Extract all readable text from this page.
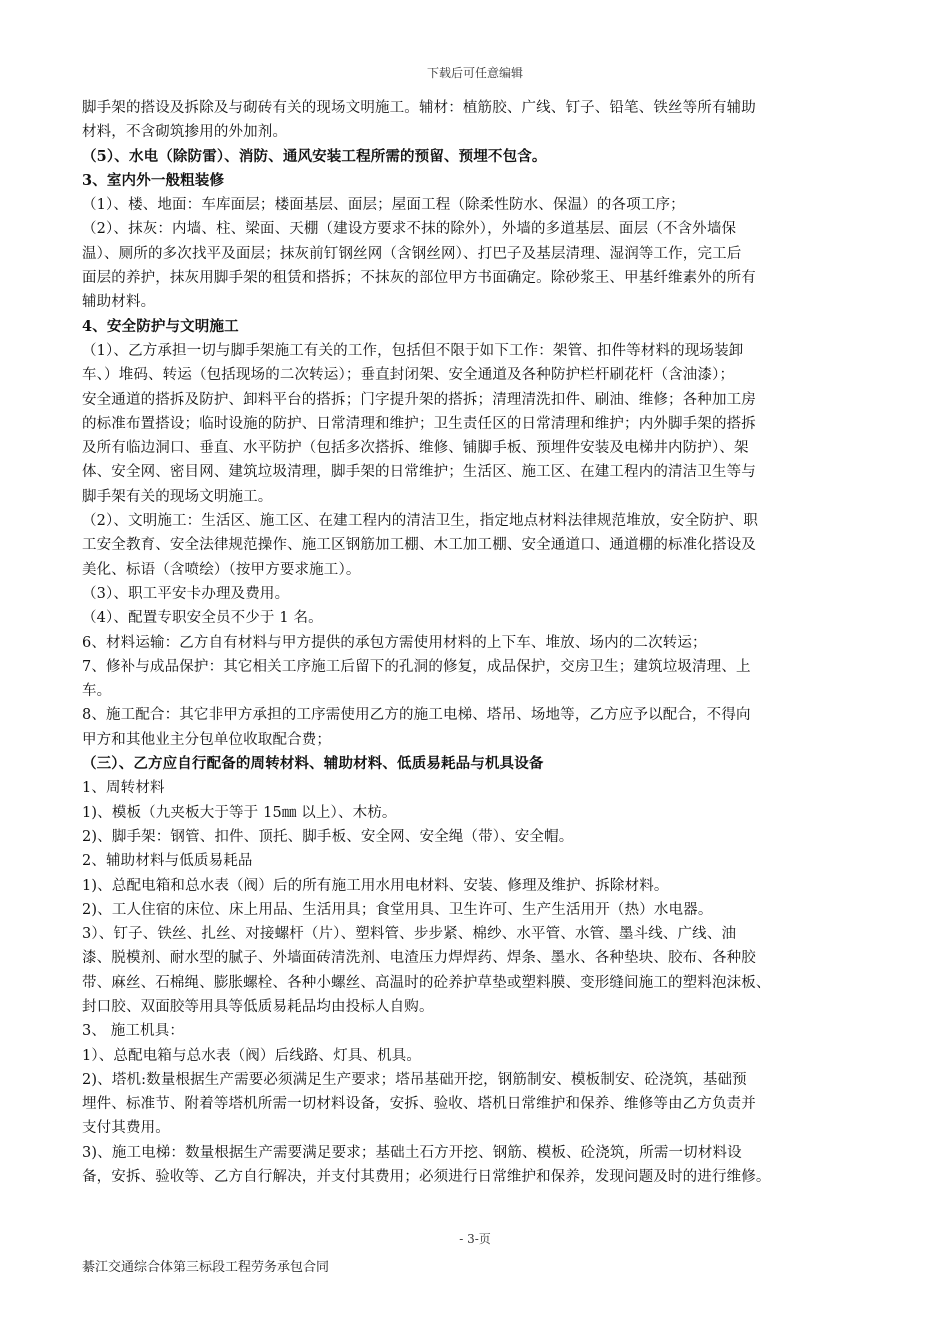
下载后可任意编辑
脚手架的搭设及拆除及与砌砖有关的现场文明施工。辅材：植筋胶、广线、钉子、铅笔、铁丝等所有辅助
材料，不含砌筑掺用的外加剂。
（5）、水电（除防雷）、消防、通风安装工程所需的预留、预埋不包含。
3、室内外一般粗装修
（1）、楼、地面：车库面层；楼面基层、面层；屋面工程（除柔性防水、保温）的各项工序；
（2）、抹灰：内墙、柱、梁面、天棚（建设方要求不抹的除外），外墙的多道基层、面层（不含外墙保
温）、厕所的多次找平及面层；抹灰前钉钢丝网（含钢丝网）、打巴子及基层清理、湿润等工作，完工后
面层的养护，抹灰用脚手架的租赁和搭拆；不抹灰的部位甲方书面确定。除砂浆王、甲基纤维素外的所有
辅助材料。
4、安全防护与文明施工
（1）、乙方承担一切与脚手架施工有关的工作，包括但不限于如下工作：架管、扣件等材料的现场装卸
车、）堆码、转运（包括现场的二次转运）；垂直封闭架、安全通道及各种防护栏杆刷花杆（含油漆）；
安全通道的搭拆及防护、卸料平台的搭拆；门字提升架的搭拆；清理清洗扣件、刷油、维修；各种加工房
的标准布置搭设；临时设施的防护、日常清理和维护；卫生责任区的日常清理和维护；内外脚手架的搭拆
及所有临边洞口、垂直、水平防护（包括多次搭拆、维修、铺脚手板、预埋件安装及电梯井内防护）、架
体、安全网、密目网、建筑垃圾清理，脚手架的日常维护；生活区、施工区、在建工程内的清洁卫生等与
脚手架有关的现场文明施工。
（2）、文明施工：生活区、施工区、在建工程内的清洁卫生，指定地点材料法律规范堆放，安全防护、职
工安全教育、安全法律规范操作、施工区钢筋加工棚、木工加工棚、安全通道口、通道棚的标准化搭设及
美化、标语（含喷绘）（按甲方要求施工）。
（3）、职工平安卡办理及费用。
（4）、配置专职安全员不少于 1 名。
6、材料运输：乙方自有材料与甲方提供的承包方需使用材料的上下车、堆放、场内的二次转运；
7、修补与成品保护：其它相关工序施工后留下的孔洞的修复，成品保护，交房卫生；建筑垃圾清理、上
车。
8、施工配合：其它非甲方承担的工序需使用乙方的施工电梯、塔吊、场地等，乙方应予以配合，不得向
甲方和其他业主分包单位收取配合费；
（三）、乙方应自行配备的周转材料、辅助材料、低质易耗品与机具设备
1、周转材料
1)、模板（九夹板大于等于 15㎜ 以上）、木枋。
2)、脚手架：钢管、扣件、顶托、脚手板、安全网、安全绳（带）、安全帽。
2、辅助材料与低质易耗品
1)、总配电箱和总水表（阀）后的所有施工用水用电材料、安装、修理及维护、拆除材料。
2)、工人住宿的床位、床上用品、生活用具；食堂用具、卫生许可、生产生活用开（热）水电器。
3）、钉子、铁丝、扎丝、对接螺杆（片）、塑料管、步步紧、棉纱、水平管、水管、墨斗线、广线、油
漆、脱模剂、耐水型的腻子、外墙面砖清洗剂、电渣压力焊焊药、焊条、墨水、各种垫块、胶布、各种胶
带、麻丝、石棉绳、膨胀螺栓、各种小螺丝、高温时的砼养护草垫或塑料膜、变形缝间施工的塑料泡沫板、
封口胶、双面胶等用具等低质易耗品均由投标人自购。
3、 施工机具：
1）、总配电箱与总水表（阀）后线路、灯具、机具。
2)、塔机:数量根据生产需要必须满足生产要求；塔吊基础开挖，钢筋制安、模板制安、砼浇筑，基础预
埋件、标准节、附着等塔机所需一切材料设备，安拆、验收、塔机日常维护和保养、维修等由乙方负责并
支付其费用。
3)、施工电梯：数量根据生产需要满足要求；基础土石方开挖、钢筋、模板、砼浇筑，所需一切材料设
备，安拆、验收等、乙方自行解决，并支付其费用；必须进行日常维护和保养，发现问题及时的进行维修。
- 3-页
綦江交通综合体第三标段工程劳务承包合同
